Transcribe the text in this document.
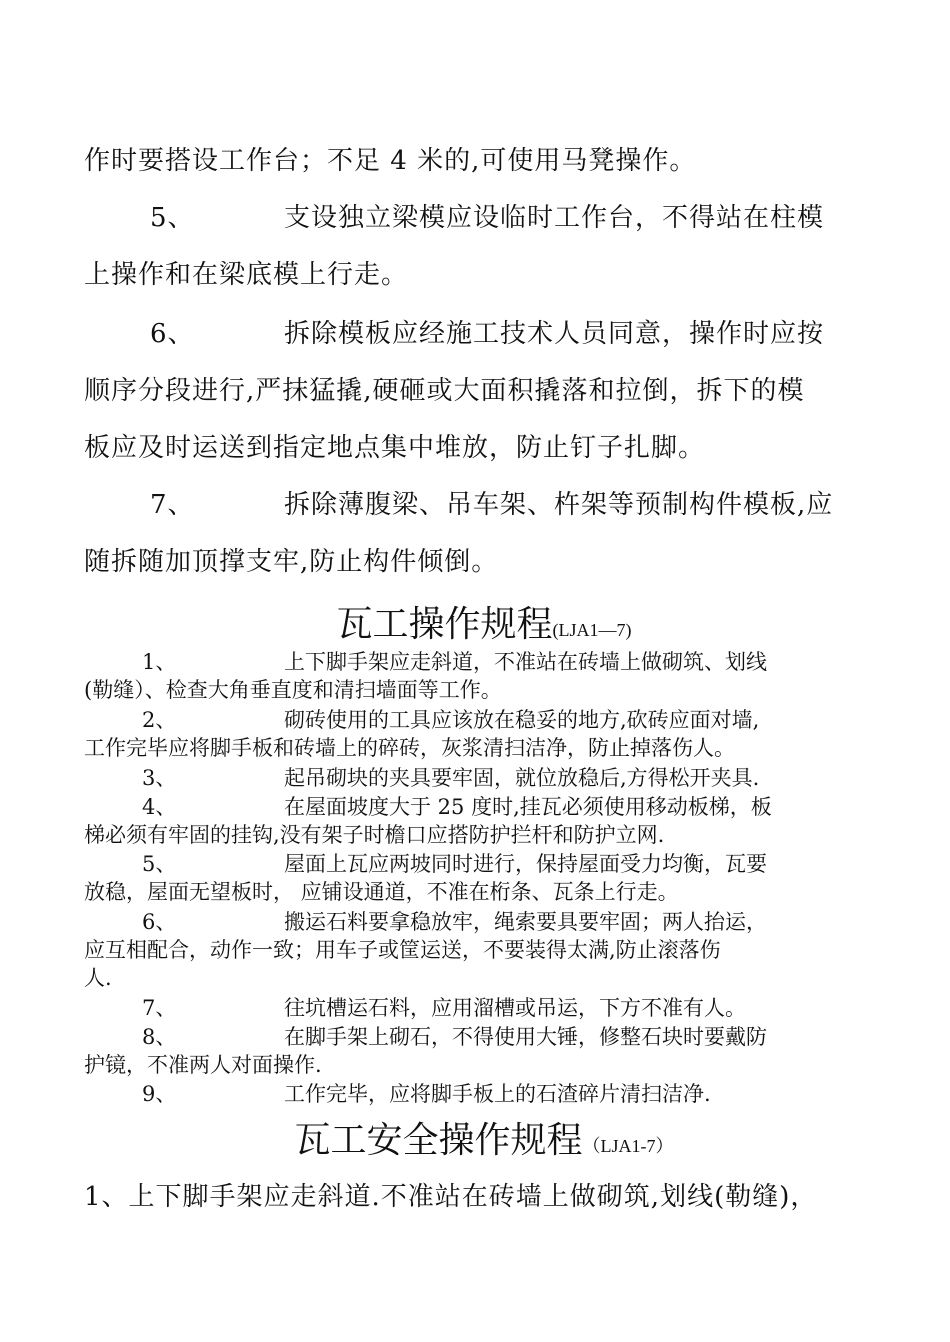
作时要搭设工作台；不足 4 米的,可使用马凳操作。
5、	支设独立梁模应设临时工作台，不得站在柱模
上操作和在梁底模上行走。
6、	拆除模板应经施工技术人员同意，操作时应按
顺序分段进行,严抹猛撬,硬砸或大面积撬落和拉倒，拆下的模
板应及时运送到指定地点集中堆放，防止钉子扎脚。
7、	拆除薄腹梁、吊车架、杵架等预制构件模板,应
随拆随加顶撑支牢,防止构件倾倒。
瓦工操作规程(LJA1—7)
1、	上下脚手架应走斜道，不准站在砖墙上做砌筑、划线
(勒缝）、检查大角垂直度和清扫墙面等工作。
2、	砌砖使用的工具应该放在稳妥的地方,砍砖应面对墙,
工作完毕应将脚手板和砖墙上的碎砖，灰浆清扫洁净，防止掉落伤人。
3、	起吊砌块的夹具要牢固，就位放稳后,方得松开夹具.
4、	在屋面坡度大于 25 度时,挂瓦必须使用移动板梯，板
梯必须有牢固的挂钩,没有架子时檐口应搭防护拦杆和防护立网.
5、	屋面上瓦应两坡同时进行，保持屋面受力均衡，瓦要
放稳，屋面无望板时， 应铺设通道，不准在桁条、瓦条上行走。
6、	搬运石料要拿稳放牢，绳索要具要牢固；两人抬运，
应互相配合，动作一致；用车子或筐运送，不要装得太满,防止滚落伤
人.
7、	往坑槽运石料，应用溜槽或吊运，下方不准有人。
8、	在脚手架上砌石，不得使用大锤，修整石块时要戴防
护镜，不准两人对面操作.
9、	工作完毕，应将脚手板上的石渣碎片清扫洁净.
瓦工安全操作规程（LJA1-7）
1、上下脚手架应走斜道.不准站在砖墙上做砌筑,划线(勒缝)，
